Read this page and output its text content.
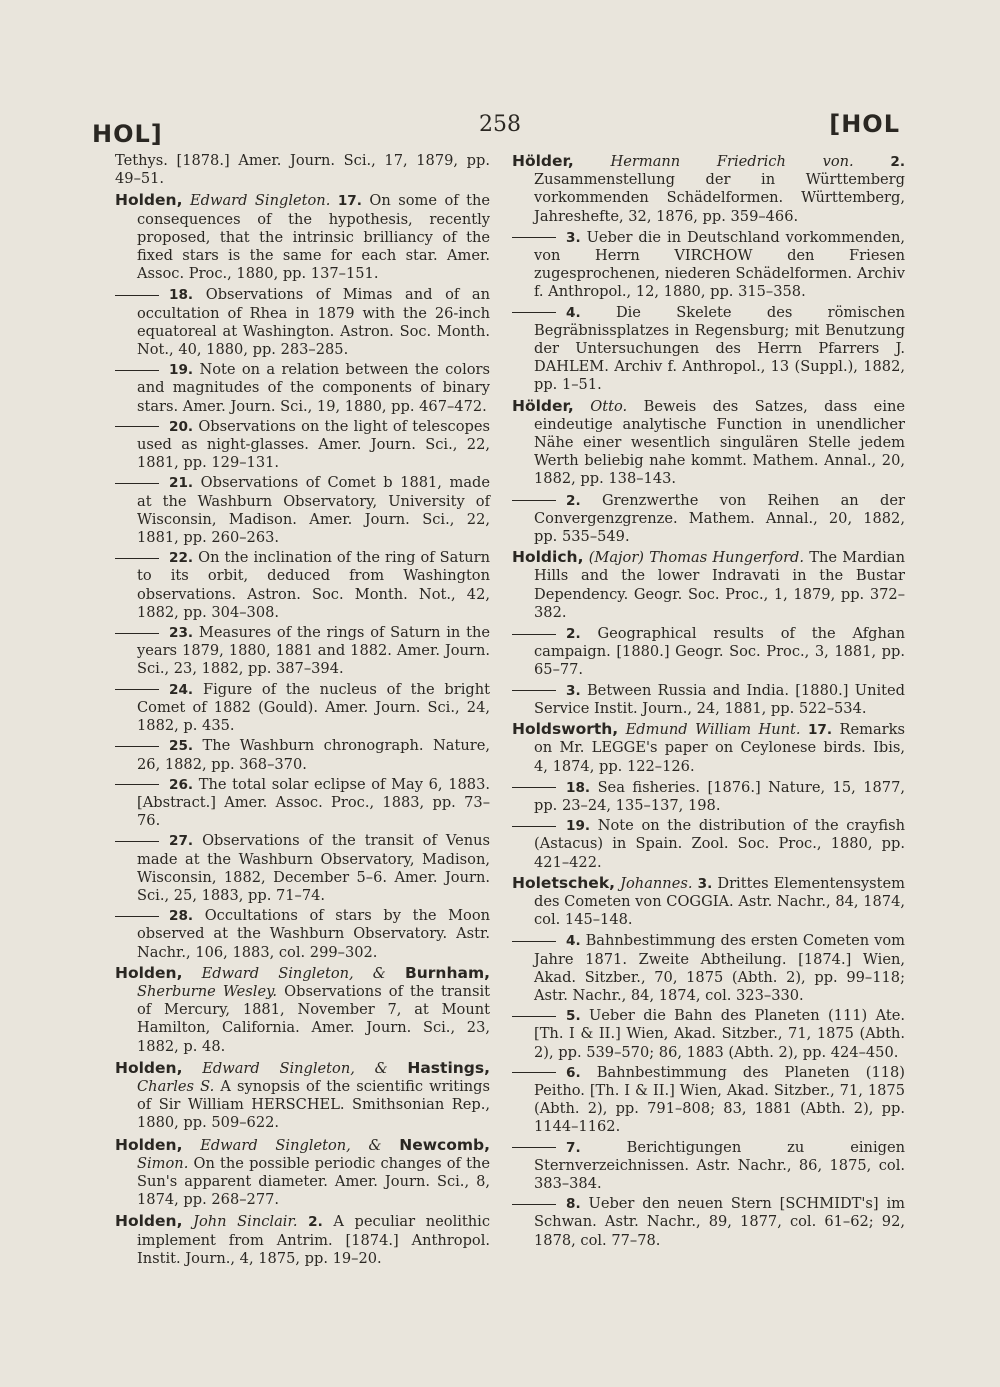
HOL]	258	[HOL
Tethys. [1878.] Amer. Journ. Sci., 17, 1879, pp. 49–51.
Holden, Edward Singleton. 17. On some of the consequences of the hypothesis, recently proposed, that the intrinsic brilliancy of the fixed stars is the same for each star. Amer. Assoc. Proc., 1880, pp. 137–151.
18. Observations of Mimas and of an occultation of Rhea in 1879 with the 26-inch equatoreal at Washington. Astron. Soc. Month. Not., 40, 1880, pp. 283–285.
19. Note on a relation between the colors and magnitudes of the components of binary stars. Amer. Journ. Sci., 19, 1880, pp. 467–472.
20. Observations on the light of telescopes used as night-glasses. Amer. Journ. Sci., 22, 1881, pp. 129–131.
21. Observations of Comet b 1881, made at the Washburn Observatory, University of Wisconsin, Madison. Amer. Journ. Sci., 22, 1881, pp. 260–263.
22. On the inclination of the ring of Saturn to its orbit, deduced from Washington observations. Astron. Soc. Month. Not., 42, 1882, pp. 304–308.
23. Measures of the rings of Saturn in the years 1879, 1880, 1881 and 1882. Amer. Journ. Sci., 23, 1882, pp. 387–394.
24. Figure of the nucleus of the bright Comet of 1882 (Gould). Amer. Journ. Sci., 24, 1882, p. 435.
25. The Washburn chronograph. Nature, 26, 1882, pp. 368–370.
26. The total solar eclipse of May 6, 1883. [Abstract.] Amer. Assoc. Proc., 1883, pp. 73–76.
27. Observations of the transit of Venus made at the Washburn Observatory, Madison, Wisconsin, 1882, December 5–6. Amer. Journ. Sci., 25, 1883, pp. 71–74.
28. Occultations of stars by the Moon observed at the Washburn Observatory. Astr. Nachr., 106, 1883, col. 299–302.
Holden, Edward Singleton, & Burnham, Sherburne Wesley. Observations of the transit of Mercury, 1881, November 7, at Mount Hamilton, California. Amer. Journ. Sci., 23, 1882, p. 48.
Holden, Edward Singleton, & Hastings, Charles S. A synopsis of the scientific writings of Sir William HERSCHEL. Smithsonian Rep., 1880, pp. 509–622.
Holden, Edward Singleton, & Newcomb, Simon. On the possible periodic changes of the Sun's apparent diameter. Amer. Journ. Sci., 8, 1874, pp. 268–277.
Holden, John Sinclair. 2. A peculiar neolithic implement from Antrim. [1874.] Anthropol. Instit. Journ., 4, 1875, pp. 19–20.
Hölder,	Hermann Friedrich von.	2. Zusammenstellung der in Württemberg vorkommenden Schädelformen. Württemberg, Jahreshefte, 32, 1876, pp. 359–466.
3. Ueber die in Deutschland vorkommenden, von Herrn VIRCHOW den Friesen zugesprochenen, niederen Schädelformen. Archiv f. Anthropol., 12, 1880, pp. 315–358.
4. Die Skelete des römischen Begräbnissplatzes in Regensburg; mit Benutzung der Untersuchungen des Herrn Pfarrers J. DAHLEM. Archiv f. Anthropol., 13 (Suppl.), 1882, pp. 1–51.
Hölder, Otto. Beweis des Satzes, dass eine eindeutige analytische Function in unendlicher Nähe einer wesentlich singulären Stelle jedem Werth beliebig nahe kommt. Mathem. Annal., 20, 1882, pp. 138–143.
2. Grenzwerthe von Reihen an der Convergenzgrenze. Mathem. Annal., 20, 1882, pp. 535–549.
Holdich, (Major) Thomas Hungerford. The Mardian Hills and the lower Indravati in the Bustar Dependency. Geogr. Soc. Proc., 1, 1879, pp. 372–382.
2. Geographical results of the Afghan campaign. [1880.] Geogr. Soc. Proc., 3, 1881, pp. 65–77.
3. Between Russia and India. [1880.] United Service Instit. Journ., 24, 1881, pp. 522–534.
Holdsworth, Edmund William Hunt. 17. Remarks on Mr. LEGGE's paper on Ceylonese birds. Ibis, 4, 1874, pp. 122–126.
18. Sea fisheries. [1876.] Nature, 15, 1877, pp. 23–24, 135–137, 198.
19. Note on the distribution of the crayfish (Astacus) in Spain. Zool. Soc. Proc., 1880, pp. 421–422.
Holetschek, Johannes. 3. Drittes Elementensystem des Cometen von COGGIA. Astr. Nachr., 84, 1874, col. 145–148.
4. Bahnbestimmung des ersten Cometen vom Jahre 1871. Zweite Abtheilung. [1874.] Wien, Akad. Sitzber., 70, 1875 (Abth. 2), pp. 99–118; Astr. Nachr., 84, 1874, col. 323–330.
5. Ueber die Bahn des Planeten (111) Ate. [Th. I & II.] Wien, Akad. Sitzber., 71, 1875 (Abth. 2), pp. 539–570; 86, 1883 (Abth. 2), pp. 424–450.
6. Bahnbestimmung des Planeten (118) Peitho. [Th. I & II.] Wien, Akad. Sitzber., 71, 1875 (Abth. 2), pp. 791–808; 83, 1881 (Abth. 2), pp. 1144–1162.
7.	Berichtigungen zu einigen Sternverzeichnissen. Astr. Nachr., 86, 1875, col. 383–384.
8. Ueber den neuen Stern [SCHMIDT's] im Schwan. Astr. Nachr., 89, 1877, col. 61–62; 92, 1878, col. 77–78.
